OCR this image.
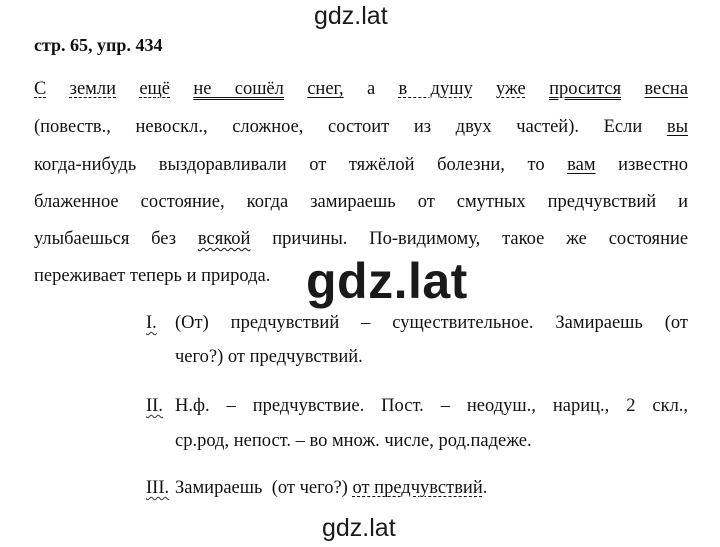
gdz.lat
стр. 65, упр. 434
С земли ещё не сошёл снег, а в душу уже просится весна
(повеств., невоскл., сложное, состоит из двух частей). Если вы
когда-нибудь выздоравливали от тяжёлой болезни, то вам известно
блаженное состояние, когда замираешь от смутных предчувствий и
улыбаешься без всякой причины. По-видимому, такое же состояние
переживает теперь и природа. gdz.lat
I. (От) предчувствий – существительное. Замираешь (от
чего?) от предчувствий.
II. Н.ф. – предчувствие. Пост. – неодуш., нариц., 2 скл.,
ср.род, непост. – во множ. числе, род.падеже.
III. Замираешь  (от чего?) от предчувствий.
gdz.lat
